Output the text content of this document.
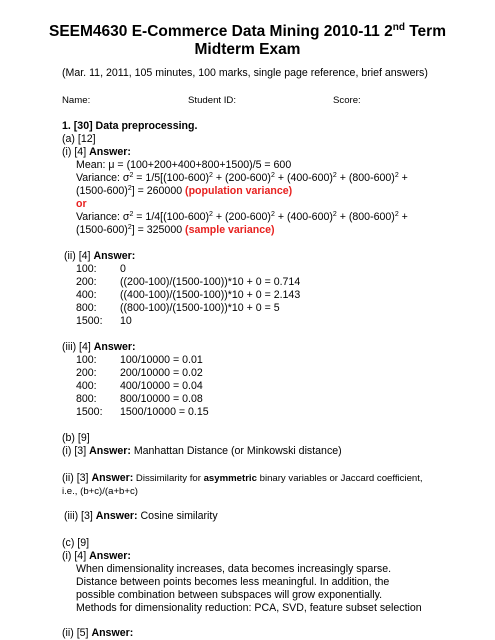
SEEM4630 E-Commerce Data Mining 2010-11 2nd Term
Midterm Exam
(Mar. 11, 2011, 105 minutes, 100 marks, single page reference, brief answers)
Name:	Student ID:	Score:
1. [30] Data preprocessing.
(a) [12]
(i) [4] Answer:
Mean: μ = (100+200+400+800+1500)/5 = 600
Variance: $\sigma^2 = 1/5[(100-600)^2 + (200-600)^2 + (400-600)^2 + (800-600)^2$ +
(1500-600)$^2$] = 260000 (population variance)
or
Variance: $\sigma^2 = 1/4[(100-600)^2 + (200-600)^2 + (400-600)^2 + (800-600)^2$ +
(1500-600)$^2$] = 325000 (sample variance)
(ii) [4] Answer:
100: 0
200: ((200-100)/(1500-100))*10 + 0 = 0.714
400: ((400-100)/(1500-100))*10 + 0 = 2.143
800: ((800-100)/(1500-100))*10 + 0 = 5
1500: 10
(iii) [4] Answer:
100: 100/10000 = 0.01
200: 200/10000 = 0.02
400: 400/10000 = 0.04
800: 800/10000 = 0.08
1500: 1500/10000 = 0.15
(b) [9]
(i) [3] Answer: Manhattan Distance (or Minkowski distance)
(ii) [3] Answer: Dissimilarity for asymmetric binary variables or Jaccard coefficient,
i.e., (b+c)/(a+b+c)
(iii) [3] Answer: Cosine similarity
(c) [9]
(i) [4] Answer:
When dimensionality increases, data becomes increasingly sparse.
Distance between points becomes less meaningful. In addition, the
possible combination between subspaces will grow exponentially.
Methods for dimensionality reduction: PCA, SVD, feature subset selection
(ii) [5] Answer:
